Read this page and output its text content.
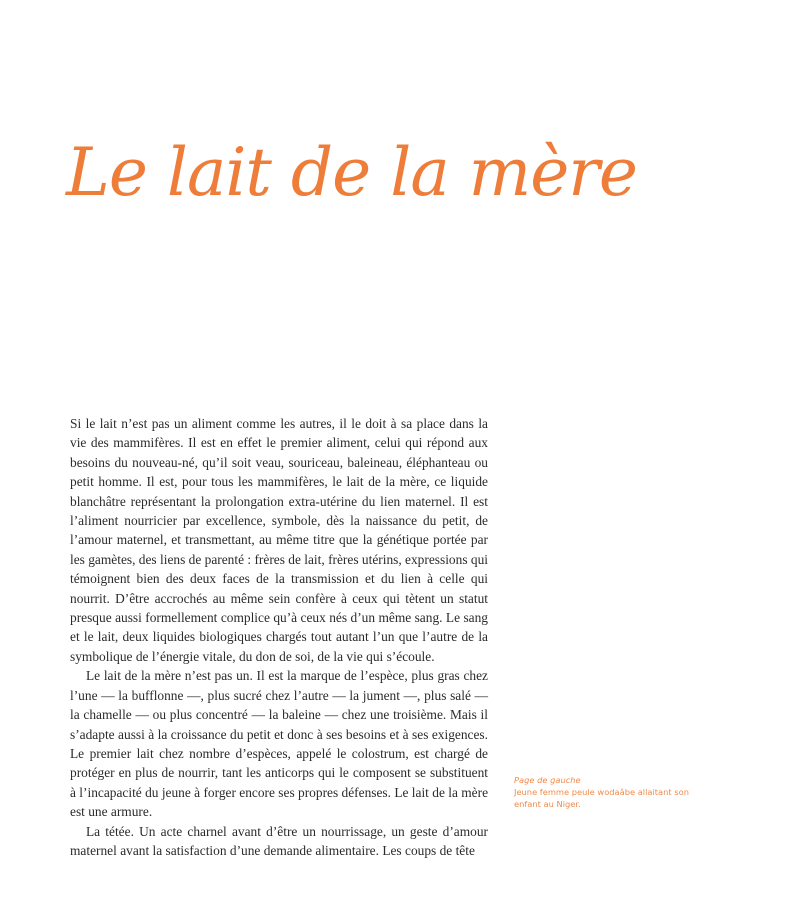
Le lait de la mère

Si le lait n’est pas un aliment comme les autres, il le doit à sa place dans la vie des mammifères. Il est en effet le premier aliment, celui qui répond aux besoins du nouveau-né, qu’il soit veau, souriceau, baleineau, éléphanteau ou petit homme. Il est, pour tous les mammifères, le lait de la mère, ce liquide blanchâtre représentant la prolongation extra-utérine du lien maternel. Il est l’aliment nourricier par excellence, symbole, dès la naissance du petit, de l’amour maternel, et transmettant, au même titre que la génétique portée par les gamètes, des liens de parenté : frères de lait, frères utérins, expressions qui témoignent bien des deux faces de la transmission et du lien à celle qui nourrit. D’être accrochés au même sein confère à ceux qui tètent un statut presque aussi formellement complice qu’à ceux nés d’un même sang. Le sang et le lait, deux liquides biologiques chargés tout autant l’un que l’autre de la symbolique de l’énergie vitale, du don de soi, de la vie qui s’écoule.

Le lait de la mère n’est pas un. Il est la marque de l’espèce, plus gras chez l’une — la bufflonne —, plus sucré chez l’autre — la jument —, plus salé — la chamelle — ou plus concentré — la baleine — chez une troisième. Mais il s’adapte aussi à la croissance du petit et donc à ses besoins et à ses exigences. Le premier lait chez nombre d’espèces, appelé le colostrum, est chargé de protéger en plus de nourrir, tant les anticorps qui le composent se substituent à l’incapacité du jeune à forger encore ses propres défenses. Le lait de la mère est une armure.

La tétée. Un acte charnel avant d’être un nourrissage, un geste d’amour maternel avant la satisfaction d’une demande alimentaire. Les coups de tête

Page de gauche
Jeune femme peule wodaâbe allaitant son enfant au Niger.
